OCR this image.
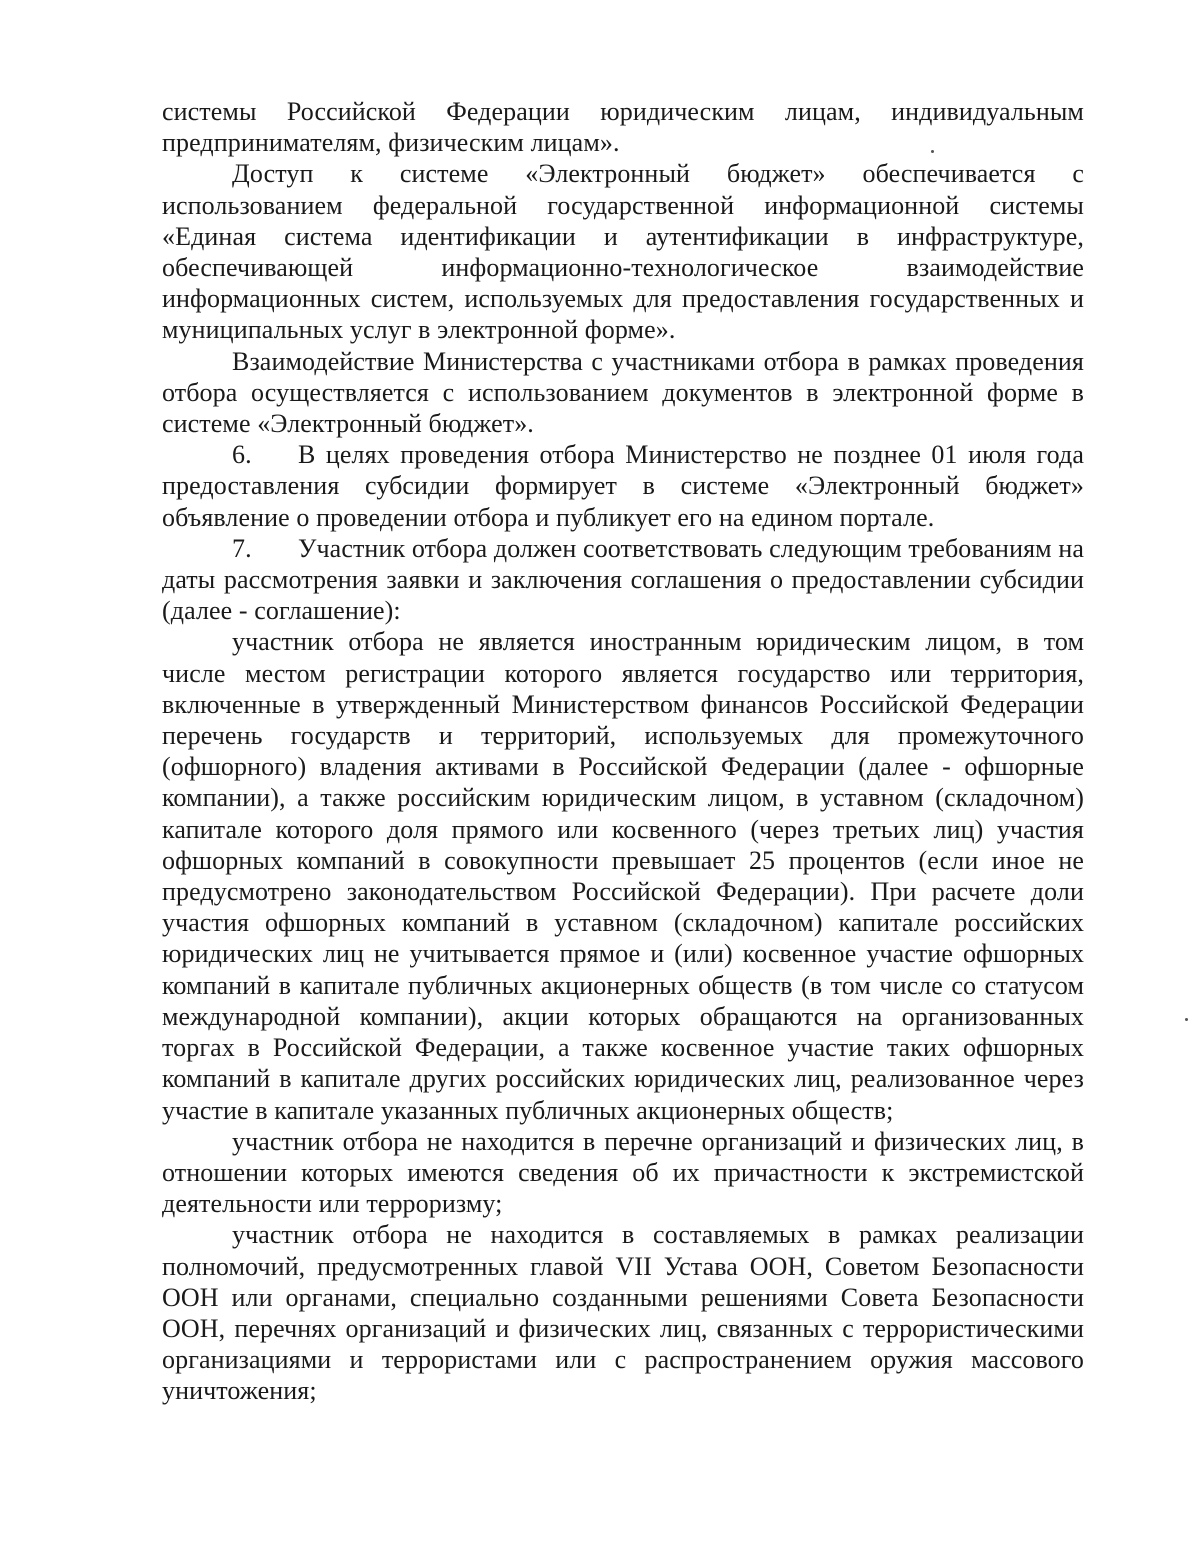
системы Российской Федерации юридическим лицам, индивидуальным предпринимателям, физическим лицам».

Доступ к системе «Электронный бюджет» обеспечивается с использованием федеральной государственной информационной системы «Единая система идентификации и аутентификации в инфраструктуре, обеспечивающей информационно-технологическое взаимодействие информационных систем, используемых для предоставления государственных и муниципальных услуг в электронной форме».

Взаимодействие Министерства с участниками отбора в рамках проведения отбора осуществляется с использованием документов в электронной форме в системе «Электронный бюджет».

6. В целях проведения отбора Министерство не позднее 01 июля года предоставления субсидии формирует в системе «Электронный бюджет» объявление о проведении отбора и публикует его на едином портале.

7. Участник отбора должен соответствовать следующим требованиям на даты рассмотрения заявки и заключения соглашения о предоставлении субсидии (далее - соглашение):

участник отбора не является иностранным юридическим лицом, в том числе местом регистрации которого является государство или территория, включенные в утвержденный Министерством финансов Российской Федерации перечень государств и территорий, используемых для промежуточного (офшорного) владения активами в Российской Федерации (далее - офшорные компании), а также российским юридическим лицом, в уставном (складочном) капитале которого доля прямого или косвенного (через третьих лиц) участия офшорных компаний в совокупности превышает 25 процентов (если иное не предусмотрено законодательством Российской Федерации). При расчете доли участия офшорных компаний в уставном (складочном) капитале российских юридических лиц не учитывается прямое и (или) косвенное участие офшорных компаний в капитале публичных акционерных обществ (в том числе со статусом международной компании), акции которых обращаются на организованных торгах в Российской Федерации, а также косвенное участие таких офшорных компаний в капитале других российских юридических лиц, реализованное через участие в капитале указанных публичных акционерных обществ;

участник отбора не находится в перечне организаций и физических лиц, в отношении которых имеются сведения об их причастности к экстремистской деятельности или терроризму;

участник отбора не находится в составляемых в рамках реализации полномочий, предусмотренных главой VII Устава ООН, Советом Безопасности ООН или органами, специально созданными решениями Совета Безопасности ООН, перечнях организаций и физических лиц, связанных с террористическими организациями и террористами или с распространением оружия массового уничтожения;
